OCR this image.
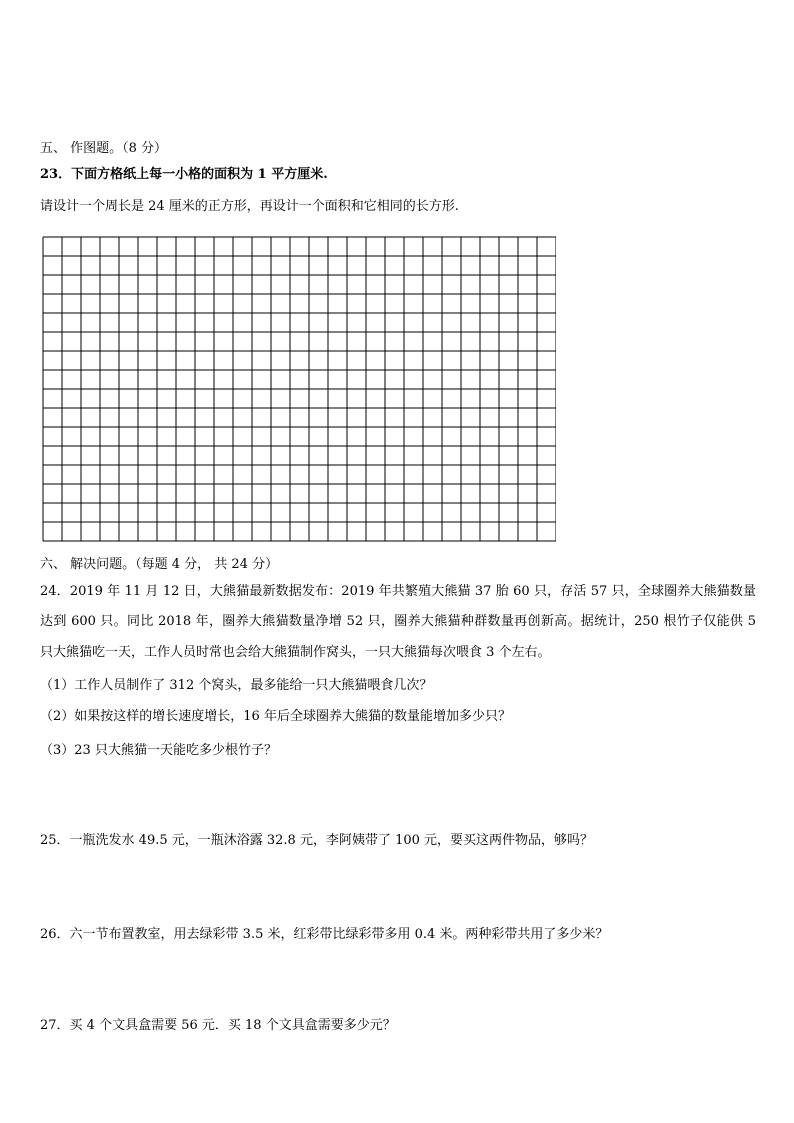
五、 作图题。（8 分）
23．下面方格纸上每一小格的面积为 1 平方厘米.
请设计一个周长是 24 厘米的正方形，再设计一个面积和它相同的长方形.
六、 解决问题。（每题 4 分， 共 24 分）
24．2019 年 11 月 12 日，大熊猫最新数据发布：2019 年共繁殖大熊猫 37 胎 60 只，存活 57 只，全球圈养大熊猫数量
达到 600 只。同比 2018 年，圈养大熊猫数量净增 52 只，圈养大熊猫种群数量再创新高。据统计，250 根竹子仅能供 5
只大熊猫吃一天，工作人员时常也会给大熊猫制作窝头，一只大熊猫每次喂食 3 个左右。
（1）工作人员制作了 312 个窝头，最多能给一只大熊猫喂食几次？
（2）如果按这样的增长速度增长，16 年后全球圈养大熊猫的数量能增加多少只？
（3）23 只大熊猫一天能吃多少根竹子？
25．一瓶洗发水 49.5 元，一瓶沐浴露 32.8 元，李阿姨带了 100 元，要买这两件物品，够吗？
26．六一节布置教室，用去绿彩带 3.5 米，红彩带比绿彩带多用 0.4 米。两种彩带共用了多少米？
27．买 4 个文具盒需要 56 元．买 18 个文具盒需要多少元？
